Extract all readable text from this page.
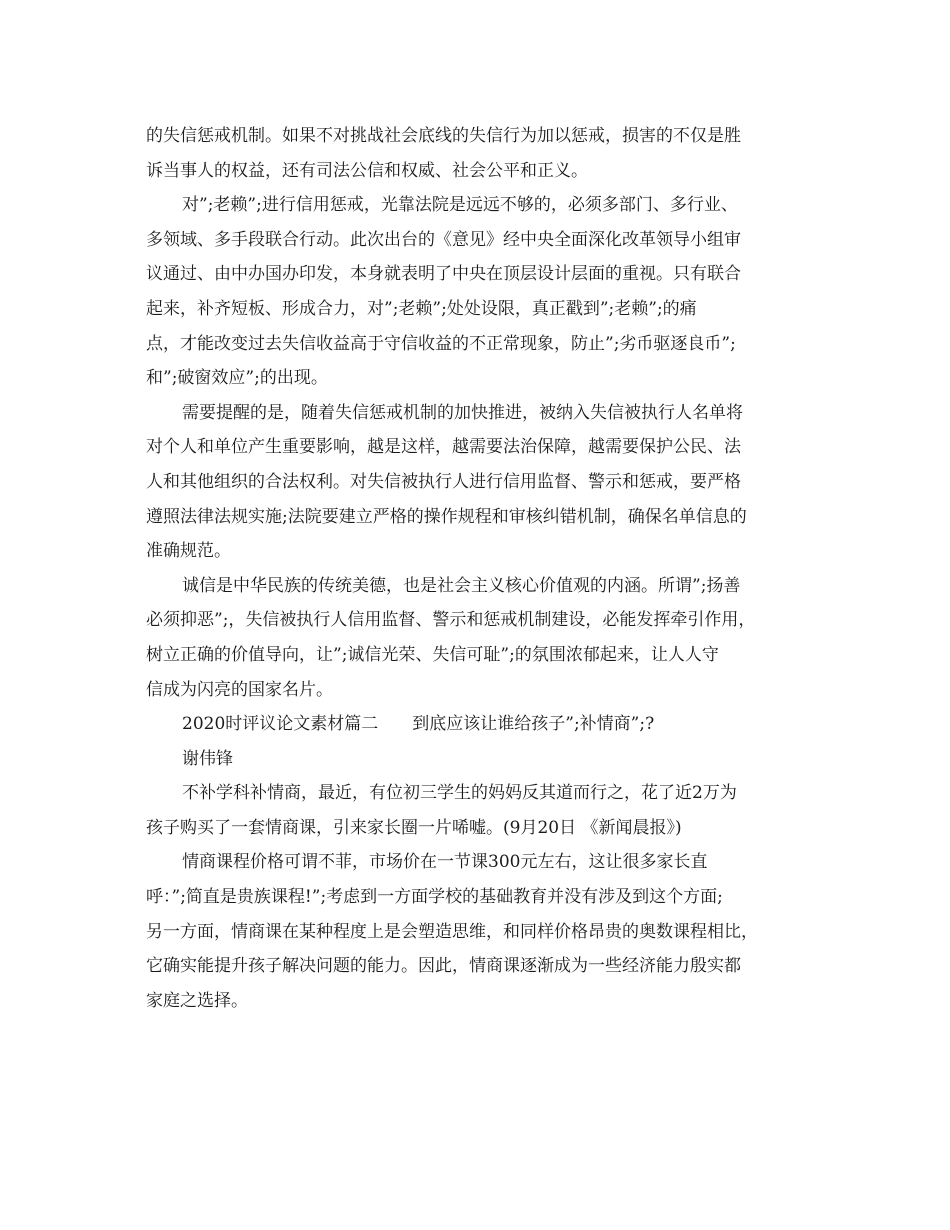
的失信惩戒机制。如果不对挑战社会底线的失信行为加以惩戒，损害的不仅是胜
诉当事人的权益，还有司法公信和权威、社会公平和正义。
对”;老赖”;进行信用惩戒，光靠法院是远远不够的，必须多部门、多行业、
多领域、多手段联合行动。此次出台的《意见》经中央全面深化改革领导小组审
议通过、由中办国办印发，本身就表明了中央在顶层设计层面的重视。只有联合
起来，补齐短板、形成合力，对”;老赖”;处处设限，真正戳到”;老赖”;的痛
点，才能改变过去失信收益高于守信收益的不正常现象，防止”;劣币驱逐良币”;
和”;破窗效应”;的出现。
需要提醒的是，随着失信惩戒机制的加快推进，被纳入失信被执行人名单将
对个人和单位产生重要影响，越是这样，越需要法治保障，越需要保护公民、法
人和其他组织的合法权利。对失信被执行人进行信用监督、警示和惩戒，要严格
遵照法律法规实施;法院要建立严格的操作规程和审核纠错机制，确保名单信息的
准确规范。
诚信是中华民族的传统美德，也是社会主义核心价值观的内涵。所谓”;扬善
必须抑恶”;，失信被执行人信用监督、警示和惩戒机制建设，必能发挥牵引作用，
树立正确的价值导向，让”;诚信光荣、失信可耻”;的氛围浓郁起来，让人人守
信成为闪亮的国家名片。
2020时评议论文素材篇二　　到底应该让谁给孩子”;补情商”;?
谢伟锋
不补学科补情商，最近，有位初三学生的妈妈反其道而行之，花了近2万为
孩子购买了一套情商课，引来家长圈一片唏嘘。(9月20日 《新闻晨报》)
情商课程价格可谓不菲，市场价在一节课300元左右，这让很多家长直
呼：”;简直是贵族课程!”;考虑到一方面学校的基础教育并没有涉及到这个方面;
另一方面，情商课在某种程度上是会塑造思维，和同样价格昂贵的奥数课程相比，
它确实能提升孩子解决问题的能力。因此，情商课逐渐成为一些经济能力殷实都
家庭之选择。
